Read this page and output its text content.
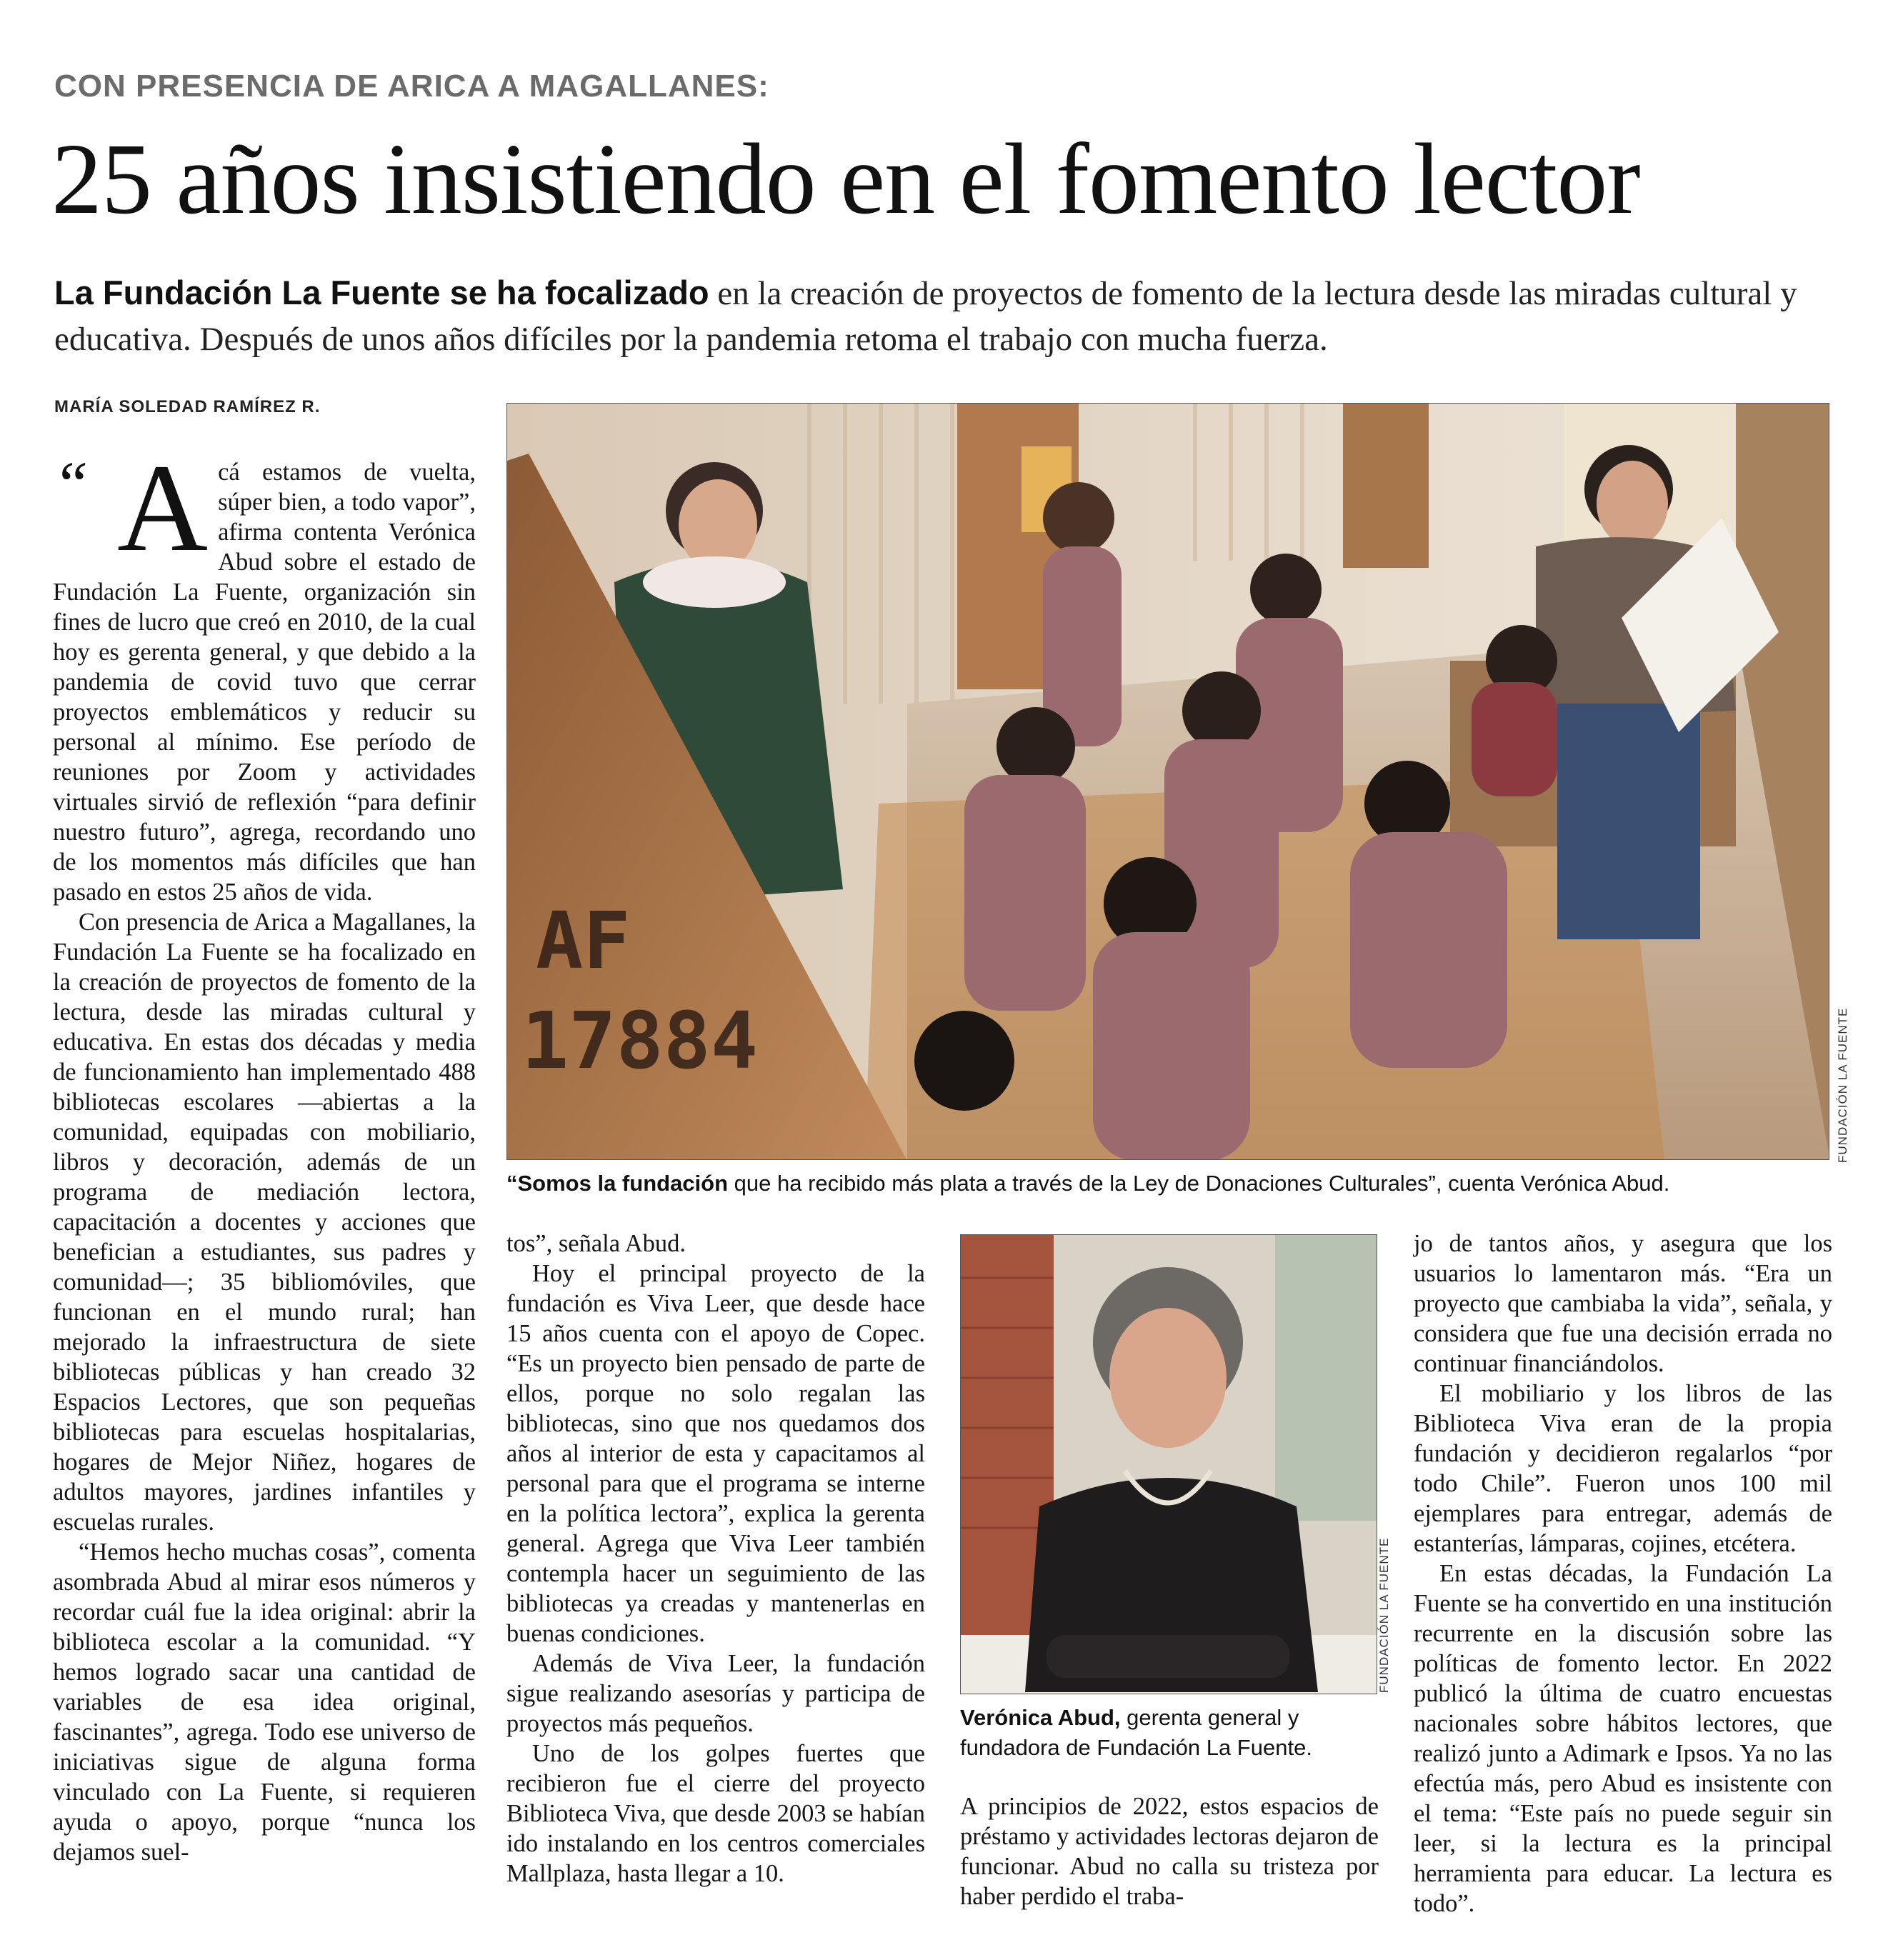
CON PRESENCIA DE ARICA A MAGALLANES:
25 años insistiendo en el fomento lector
La Fundación La Fuente se ha focalizado en la creación de proyectos de fomento de la lectura desde las miradas cultural y educativa. Después de unos años difíciles por la pandemia retoma el trabajo con mucha fuerza.
MARÍA SOLEDAD RAMÍREZ R.
“ Acá estamos de vuelta, súper bien, a todo vapor”, afirma contenta Verónica Abud sobre el estado de Fundación La Fuente, organización sin fines de lucro que creó en 2010, de la cual hoy es gerenta general, y que debido a la pandemia de covid tuvo que cerrar proyectos emblemáticos y reducir su personal al mínimo. Ese período de reuniones por Zoom y actividades virtuales sirvió de reflexión “para definir nuestro futuro”, agrega, recordando uno de los momentos más difíciles que han pasado en estos 25 años de vida.

Con presencia de Arica a Magallanes, la Fundación La Fuente se ha focalizado en la creación de proyectos de fomento de la lectura, desde las miradas cultural y educativa. En estas dos décadas y media de funcionamiento han implementado 488 bibliotecas escolares —abiertas a la comunidad, equipadas con mobiliario, libros y decoración, además de un programa de mediación lectora, capacitación a docentes y acciones que benefician a estudiantes, sus padres y comunidad—; 35 bibliomóviles, que funcionan en el mundo rural; han mejorado la infraestructura de siete bibliotecas públicas y han creado 32 Espacios Lectores, que son pequeñas bibliotecas para escuelas hospitalarias, hogares de Mejor Niñez, hogares de adultos mayores, jardines infantiles y escuelas rurales.

“Hemos hecho muchas cosas”, comenta asombrada Abud al mirar esos números y recordar cuál fue la idea original: abrir la biblioteca escolar a la comunidad. “Y hemos logrado sacar una cantidad de variables de esa idea original, fascinantes”, agrega. Todo ese universo de iniciativas sigue de alguna forma vinculado con La Fuente, si requieren ayuda o apoyo, porque “nunca los dejamos suel-

AF
17884	FUNDACIÓN LA FUENTE
“Somos la fundación que ha recibido más plata a través de la Ley de Donaciones Culturales”, cuenta Verónica Abud.

tos”, señala Abud.

Hoy el principal proyecto de la fundación es Viva Leer, que desde hace 15 años cuenta con el apoyo de Copec. “Es un proyecto bien pensado de parte de ellos, porque no solo regalan las bibliotecas, sino que nos quedamos dos años al interior de esta y capacitamos al personal para que el programa se interne en la política lectora”, explica la gerenta general. Agrega que Viva Leer también contempla hacer un seguimiento de las bibliotecas ya creadas y mantenerlas en buenas condiciones.

Además de Viva Leer, la fundación sigue realizando asesorías y participa de proyectos más pequeños.

Uno de los golpes fuertes que recibieron fue el cierre del proyecto Biblioteca Viva, que desde 2003 se habían ido instalando en los centros comerciales Mallplaza, hasta llegar a 10.

FUNDACIÓN LA FUENTE
Verónica Abud, gerenta general y fundadora de Fundación La Fuente.

A principios de 2022, estos espacios de préstamo y actividades lectoras dejaron de funcionar. Abud no calla su tristeza por haber perdido el traba-

jo de tantos años, y asegura que los usuarios lo lamentaron más. “Era un proyecto que cambiaba la vida”, señala, y considera que fue una decisión errada no continuar financiándolos.

El mobiliario y los libros de las Biblioteca Viva eran de la propia fundación y decidieron regalarlos “por todo Chile”. Fueron unos 100 mil ejemplares para entregar, además de estanterías, lámparas, cojines, etcétera.

En estas décadas, la Fundación La Fuente se ha convertido en una institución recurrente en la discusión sobre las políticas de fomento lector. En 2022 publicó la última de cuatro encuestas nacionales sobre hábitos lectores, que realizó junto a Adimark e Ipsos. Ya no las efectúa más, pero Abud es insistente con el tema: “Este país no puede seguir sin leer, si la lectura es la principal herramienta para educar. La lectura es todo”.
